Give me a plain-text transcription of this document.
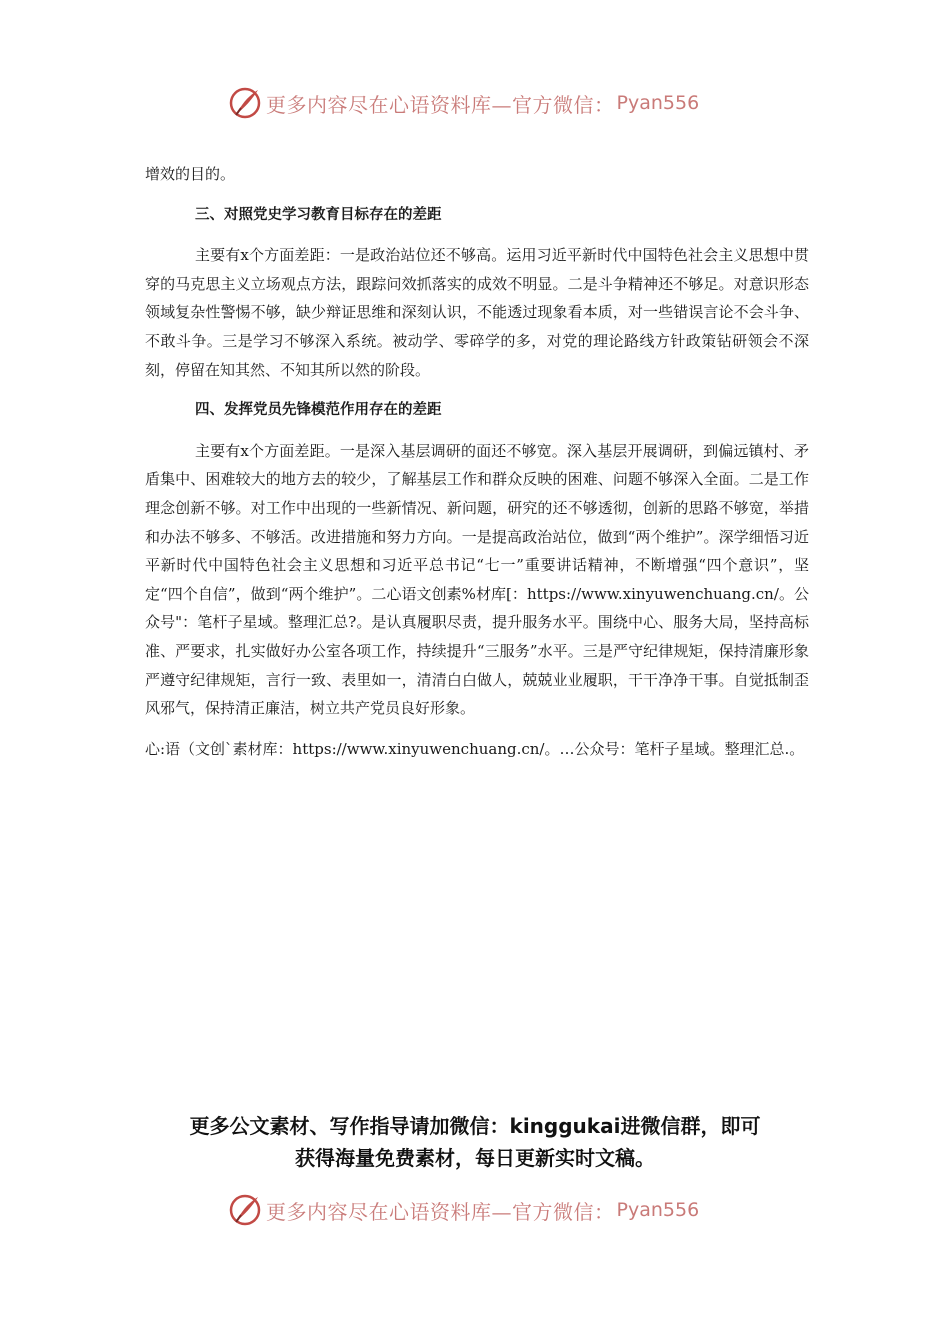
更多内容尽在心语资料库—官方微信： Pyan556

增效的目的。

三、对照党史学习教育目标存在的差距

主要有x个方面差距：一是政治站位还不够高。运用习近平新时代中国特色社会主义思想中贯穿的马克思主义立场观点方法，跟踪问效抓落实的成效不明显。二是斗争精神还不够足。对意识形态领域复杂性警惕不够，缺少辩证思维和深刻认识，不能透过现象看本质，对一些错误言论不会斗争、不敢斗争。三是学习不够深入系统。被动学、零碎学的多，对党的理论路线方针政策钻研领会不深刻，停留在知其然、不知其所以然的阶段。

四、发挥党员先锋模范作用存在的差距

主要有x个方面差距。一是深入基层调研的面还不够宽。深入基层开展调研，到偏远镇村、矛盾集中、困难较大的地方去的较少，了解基层工作和群众反映的困难、问题不够深入全面。二是工作理念创新不够。对工作中出现的一些新情况、新问题，研究的还不够透彻，创新的思路不够宽，举措和办法不够多、不够活。改进措施和努力方向。一是提高政治站位，做到“两个维护”。深学细悟习近平新时代中国特色社会主义思想和习近平总书记“七一”重要讲话精神，不断增强“四个意识”，坚定“四个自信”，做到“两个维护”。二心语文创素%材库[：https://www.xinyuwenchuang.cn/。公众号"：笔杆子星域。整理汇总?。是认真履职尽责，提升服务水平。围绕中心、服务大局，坚持高标准、严要求，扎实做好办公室各项工作，持续提升“三服务”水平。三是严守纪律规矩，保持清廉形象严遵守纪律规矩，言行一致、表里如一，清清白白做人，兢兢业业履职，干干净净干事。自觉抵制歪风邪气，保持清正廉洁，树立共产党员良好形象。

心:语（文创`素材库：https://www.xinyuwenchuang.cn/。…公众号：笔杆子星域。整理汇总.。

更多公文素材、写作指导请加微信：kinggukai进微信群，即可
获得海量免费素材，每日更新实时文稿。
更多内容尽在心语资料库—官方微信： Pyan556
